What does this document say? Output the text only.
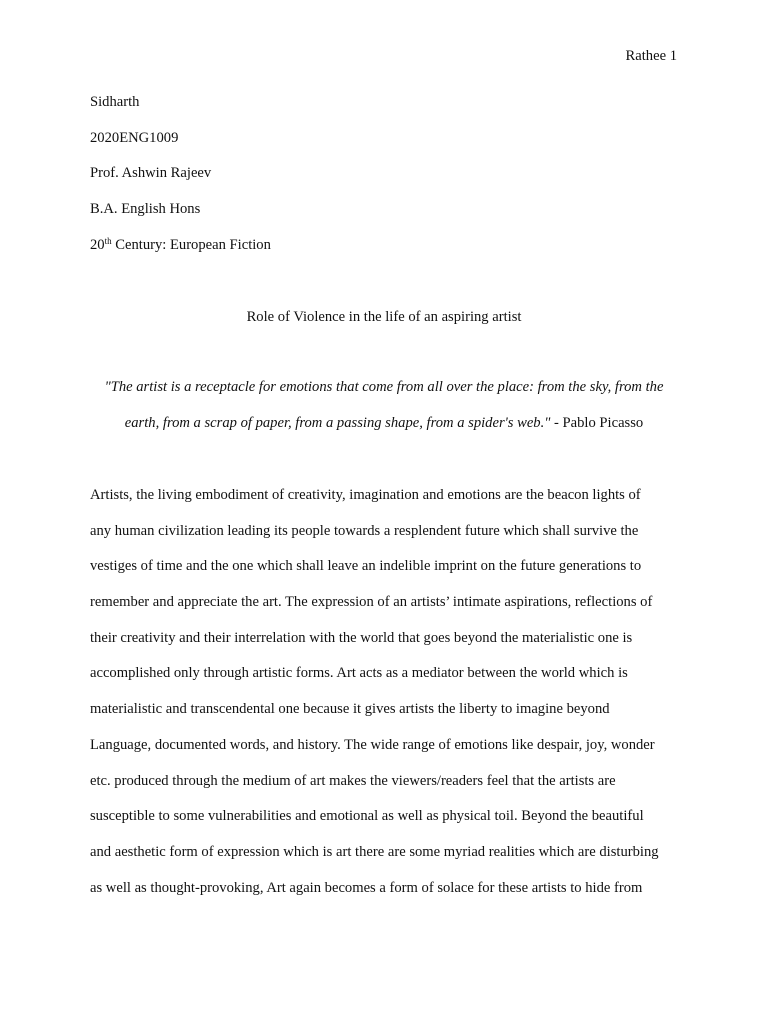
Rathee 1
Sidharth
2020ENG1009
Prof. Ashwin Rajeev
B.A. English Hons
20th Century: European Fiction
Role of Violence in the life of an aspiring artist
"The artist is a receptacle for emotions that come from all over the place: from the sky, from the
earth, from a scrap of paper, from a passing shape, from a spider's web." - Pablo Picasso
Artists, the living embodiment of creativity, imagination and emotions are the beacon lights of
any human civilization leading its people towards a resplendent future which shall survive the
vestiges of time and the one which shall leave an indelible imprint on the future generations to
remember and appreciate the art. The expression of an artists’ intimate aspirations, reflections of
their creativity and their interrelation with the world that goes beyond the materialistic one is
accomplished only through artistic forms. Art acts as a mediator between the world which is
materialistic and transcendental one because it gives artists the liberty to imagine beyond
Language, documented words, and history. The wide range of emotions like despair, joy, wonder
etc. produced through the medium of art makes the viewers/readers feel that the artists are
susceptible to some vulnerabilities and emotional as well as physical toil. Beyond the beautiful
and aesthetic form of expression which is art there are some myriad realities which are disturbing
as well as thought-provoking, Art again becomes a form of solace for these artists to hide from
